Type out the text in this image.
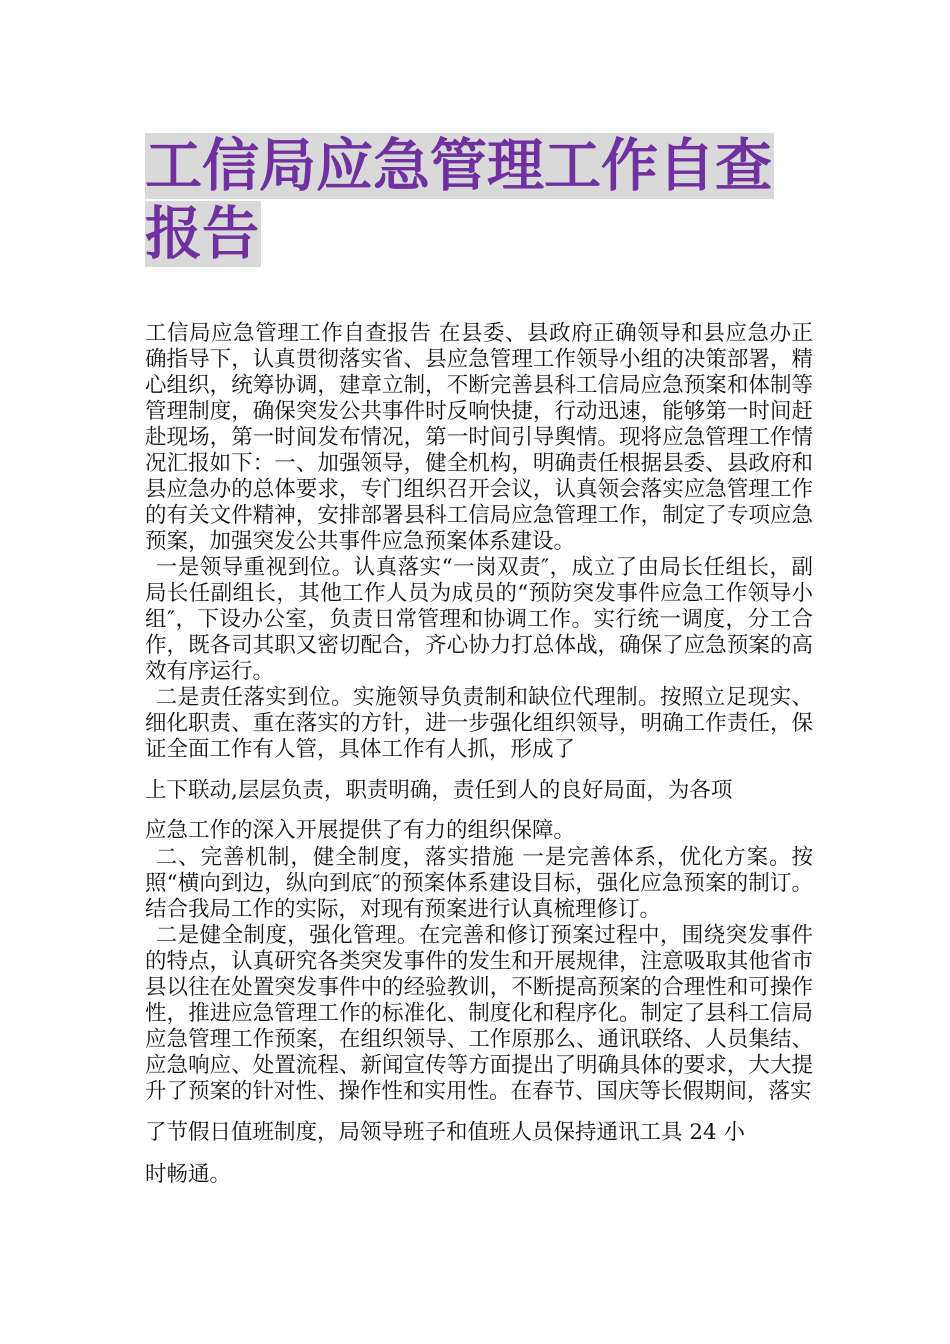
工信局应急管理工作自查报告

工信局应急管理工作自查报告 在县委、县政府正确领导和县应急办正确指导下，认真贯彻落实省、县应急管理工作领导小组的决策部署，精心组织，统筹协调，建章立制，不断完善县科工信局应急预案和体制等管理制度，确保突发公共事件时反响快捷，行动迅速，能够第一时间赶赴现场，第一时间发布情况，第一时间引导舆情。现将应急管理工作情况汇报如下：一、加强领导，健全机构，明确责任根据县委、县政府和县应急办的总体要求，专门组织召开会议，认真领会落实应急管理工作的有关文件精神，安排部署县科工信局应急管理工作，制定了专项应急预案，加强突发公共事件应急预案体系建设。

一是领导重视到位。认真落实“一岗双责″，成立了由局长任组长，副局长任副组长，其他工作人员为成员的“预防突发事件应急工作领导小组″，下设办公室，负责日常管理和协调工作。实行统一调度，分工合作，既各司其职又密切配合，齐心协力打总体战，确保了应急预案的高效有序运行。

二是责任落实到位。实施领导负责制和缺位代理制。按照立足现实、细化职责、重在落实的方针，进一步强化组织领导，明确工作责任，保证全面工作有人管，具体工作有人抓，形成了

上下联动,层层负责，职责明确，责任到人的良好局面，为各项

应急工作的深入开展提供了有力的组织保障。

二、完善机制，健全制度，落实措施 一是完善体系，优化方案。按照“横向到边，纵向到底″的预案体系建设目标，强化应急预案的制订。结合我局工作的实际，对现有预案进行认真梳理修订。

二是健全制度，强化管理。在完善和修订预案过程中，围绕突发事件的特点，认真研究各类突发事件的发生和开展规律，注意吸取其他省市县以往在处置突发事件中的经验教训，不断提高预案的合理性和可操作性，推进应急管理工作的标准化、制度化和程序化。制定了县科工信局应急管理工作预案，在组织领导、工作原那么、通讯联络、人员集结、应急响应、处置流程、新闻宣传等方面提出了明确具体的要求，大大提升了预案的针对性、操作性和实用性。在春节、国庆等长假期间，落实

了节假日值班制度，局领导班子和值班人员保持通讯工具 24 小

时畅通。
